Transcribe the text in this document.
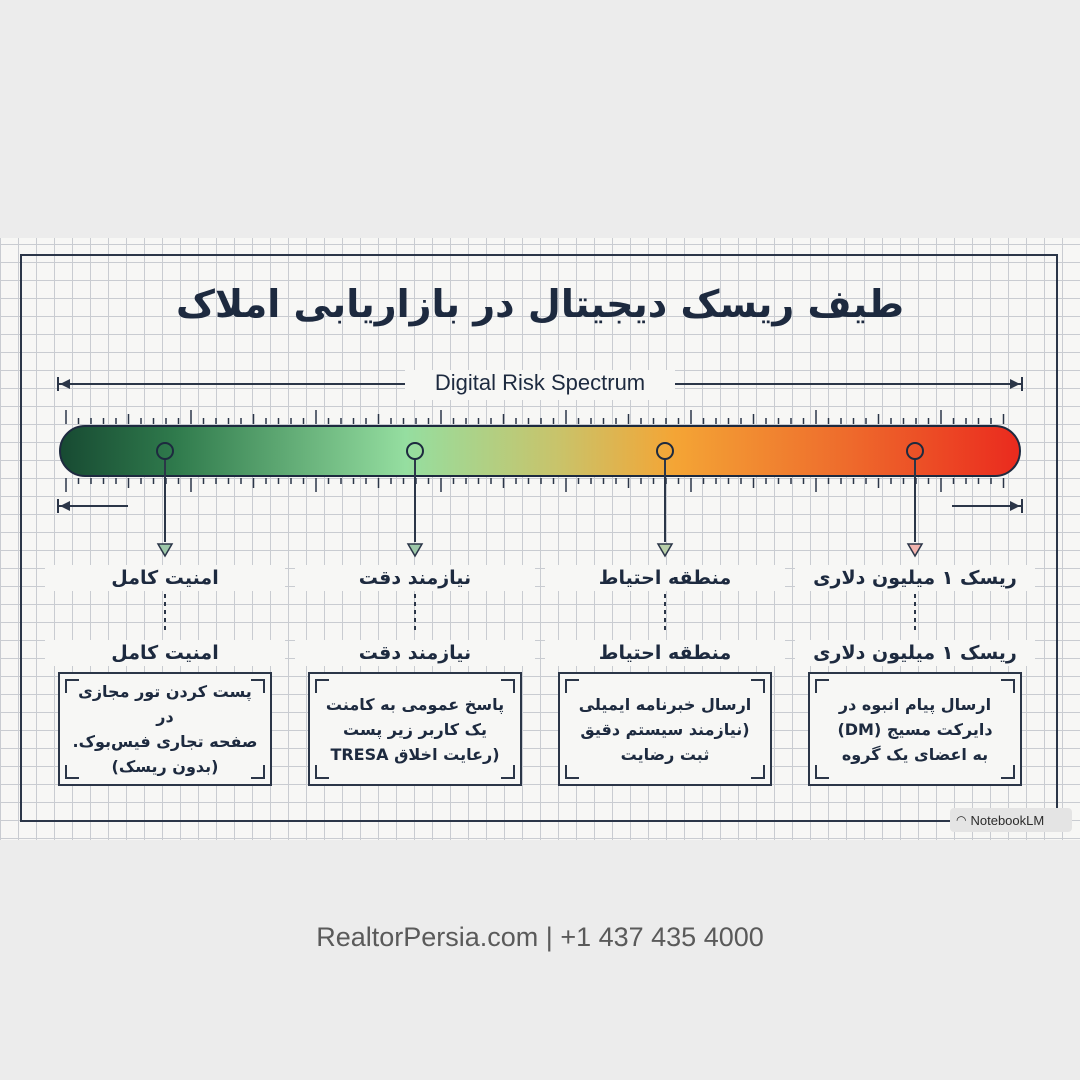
طیف ریسک دیجیتال در بازاریابی املاک
Digital Risk Spectrum
امنیت کامل	نیازمند دقت	منطقه احتیاط	ریسک ۱ میلیون دلاری
امنیت کامل	نیازمند دقت	منطقه احتیاط	ریسک ۱ میلیون دلاری
پست کردن تور مجازی در
صفحه تجاری فیس‌بوک.
(بدون ریسک)
پاسخ عمومی به کامنت
یک کاربر زیر پست
(رعایت اخلاق TRESA
ارسال خبرنامه ایمیلی
(نیازمند سیستم دقیق
ثبت رضایت
ارسال پیام انبوه در
دایرکت مسیج (DM)
به اعضای یک گروه
◠ NotebookLM
RealtorPersia.com | +1 437 435 4000
